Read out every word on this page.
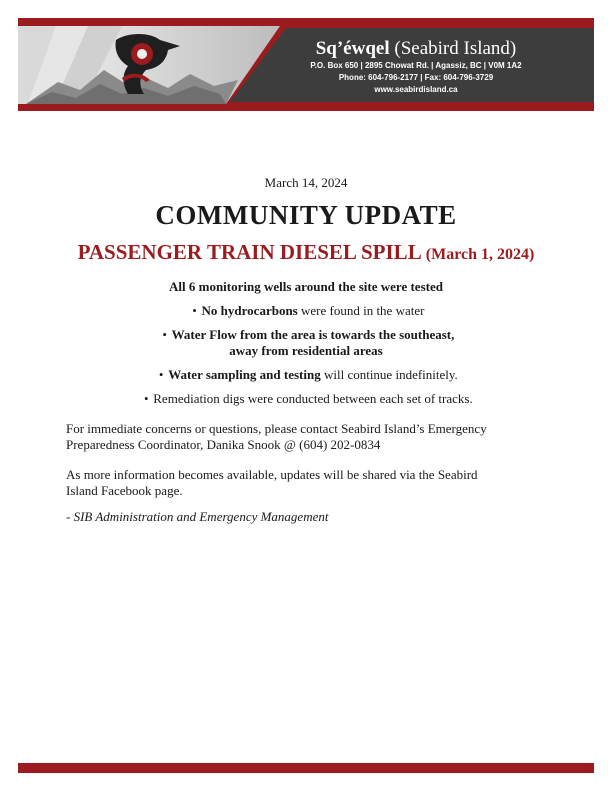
Sq’éwqel (Seabird Island)
P.O. Box 650 | 2895 Chowat Rd. | Agassiz, BC | V0M 1A2
Phone: 604-796-2177 | Fax: 604-796-3729
www.seabirdisland.ca

March 14, 2024

COMMUNITY UPDATE
PASSENGER TRAIN DIESEL SPILL (March 1, 2024)

All 6 monitoring wells around the site were tested

• No hydrocarbons were found in the water
• Water Flow from the area is towards the southeast,
away from residential areas
• Water sampling and testing will continue indefinitely.
• Remediation digs were conducted between each set of tracks.

For immediate concerns or questions, please contact Seabird Island’s Emergency
Preparedness Coordinator, Danika Snook @ (604) 202-0834

As more information becomes available, updates will be shared via the Seabird
Island Facebook page.

- SIB Administration and Emergency Management
